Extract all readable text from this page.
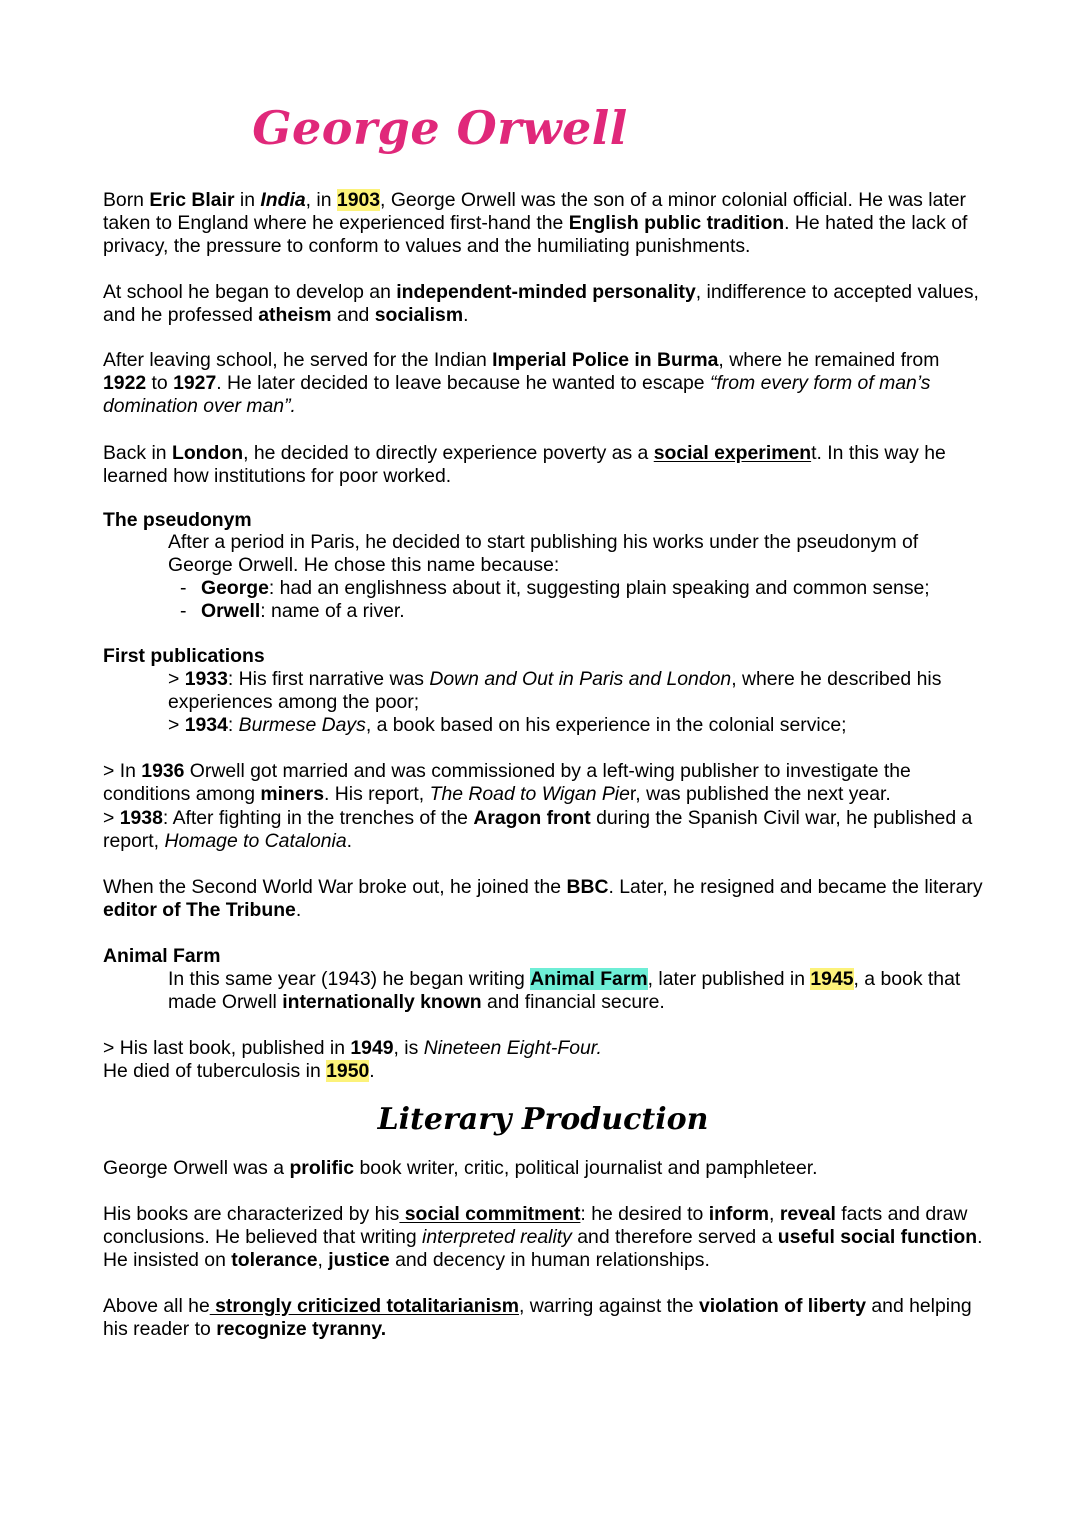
George Orwell

Born Eric Blair in India, in 1903, George Orwell was the son of a minor colonial official. He was later taken to England where he experienced first-hand the English public tradition. He hated the lack of privacy, the pressure to conform to values and the humiliating punishments.

At school he began to develop an independent-minded personality, indifference to accepted values, and he professed atheism and socialism.

After leaving school, he served for the Indian Imperial Police in Burma, where he remained from 1922 to 1927. He later decided to leave because he wanted to escape “from every form of man’s domination over man”.

Back in London, he decided to directly experience poverty as a social experiment. In this way he learned how institutions for poor worked.

The pseudonym

After a period in Paris, he decided to start publishing his works under the pseudonym of George Orwell. He chose this name because:

- George: had an englishness about it, suggesting plain speaking and common sense;

- Orwell: name of a river.

First publications

> 1933: His first narrative was Down and Out in Paris and London, where he described his experiences among the poor;

> 1934: Burmese Days, a book based on his experience in the colonial service;

> In 1936 Orwell got married and was commissioned by a left-wing publisher to investigate the conditions among miners. His report, The Road to Wigan Pier, was published the next year.

> 1938: After fighting in the trenches of the Aragon front during the Spanish Civil war, he published a report, Homage to Catalonia.

When the Second World War broke out, he joined the BBC. Later, he resigned and became the literary editor of The Tribune.

Animal Farm

In this same year (1943) he began writing Animal Farm, later published in 1945, a book that made Orwell internationally known and financial secure.

> His last book, published in 1949, is Nineteen Eight-Four.

He died of tuberculosis in 1950.

Literary Production

George Orwell was a prolific book writer, critic, political journalist and pamphleteer.

His books are characterized by his social commitment: he desired to inform, reveal facts and draw conclusions. He believed that writing interpreted reality and therefore served a useful social function. He insisted on tolerance, justice and decency in human relationships.

Above all he strongly criticized totalitarianism, warring against the violation of liberty and helping his reader to recognize tyranny.
